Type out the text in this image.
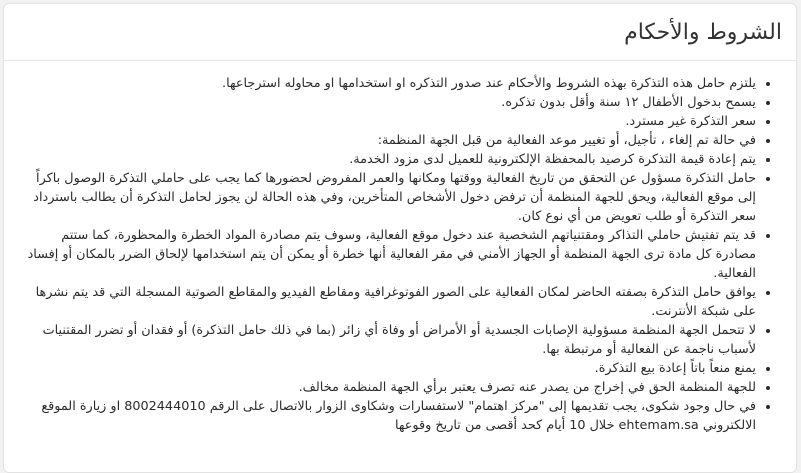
الشروط والأحكام
• يلتزم حامل هذه التذكرة بهذه الشروط والأحكام عند صدور التذكره او استخدامها او محاوله استرجاعها.
• يسمح بدخول الأطفال ١٢ سنة وأقل بدون تذكره.
• سعر التذكرة غير مسترد.
• في حالة تم إلغاء ، تأجيل، أو تغيير موعد الفعالية من قبل الجهة المنظمة:
• يتم إعادة قيمة التذكرة كرصيد بالمحفظة الإلكترونية للعميل لدى مزود الخدمة.
• حامل التذكرة مسؤول عن التحقق من تاريخ الفعالية ووقتها ومكانها والعمر المفروض لحضورها كما يجب على حاملي التذكرة الوصول باكراً إلى موقع الفعالية، ويحق للجهة المنظمة أن ترفض دخول الأشخاص المتأخرين، وفي هذه الحالة لن يجوز لحامل التذكرة أن يطالب باسترداد سعر التذكرة أو طلب تعويض من أي نوع كان.
• قد يتم تفتيش حاملي التذاكر ومقتنياتهم الشخصية عند دخول موقع الفعالية، وسوف يتم مصادرة المواد الخطرة والمحظورة، كما ستتم مصادرة كل مادة ترى الجهة المنظمة أو الجهاز الأمني في مقر الفعالية أنها خطرة أو يمكن أن يتم استخدامها لإلحاق الضرر بالمكان أو إفساد الفعالية.
• يوافق حامل التذكرة بصفته الحاضر لمكان الفعالية على الصور الفوتوغرافية ومقاطع الفيديو والمقاطع الصوتية المسجلة التي قد يتم نشرها على شبكة الأنترنت.
• لا تتحمل الجهة المنظمة مسؤولية الإصابات الجسدية أو الأمراض أو وفاة أي زائر (بما في ذلك حامل التذكرة) أو فقدان أو تضرر المقتنيات لأسباب ناجمة عن الفعالية أو مرتبطة بها.
• يمنع منعاً باتاً إعادة بيع التذكرة.
• للجهة المنظمة الحق في إخراج من يصدر عنه تصرف يعتبر برأي الجهة المنظمة مخالف.
• في حال وجود شكوى، يجب تقديمها إلى "مركز اهتمام" لاستفسارات وشكاوى الزوار بالاتصال على الرقم 8002444010 او زيارة الموقع الالكتروني ehtemam.sa خلال 10 أيام كحد أقصى من تاريخ وقوعها
